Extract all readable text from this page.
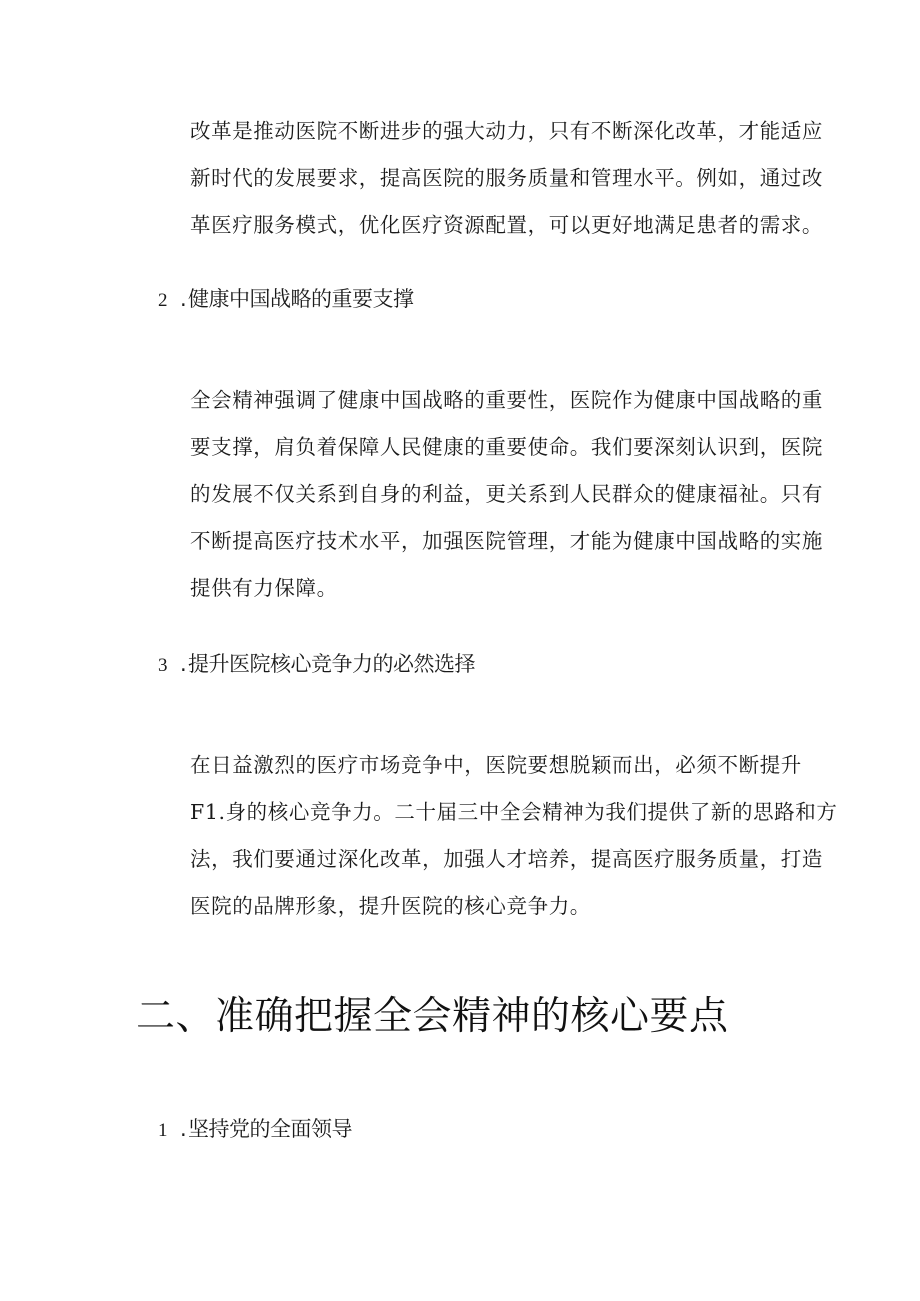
改革是推动医院不断进步的强大动力，只有不断深化改革，才能适应
新时代的发展要求，提高医院的服务质量和管理水平。例如，通过改
革医疗服务模式，优化医疗资源配置，可以更好地满足患者的需求。
2 .健康中国战略的重要支撑
全会精神强调了健康中国战略的重要性，医院作为健康中国战略的重
要支撑，肩负着保障人民健康的重要使命。我们要深刻认识到，医院
的发展不仅关系到自身的利益，更关系到人民群众的健康福祉。只有
不断提高医疗技术水平，加强医院管理，才能为健康中国战略的实施
提供有力保障。
3 .提升医院核心竞争力的必然选择
在日益激烈的医疗市场竞争中，医院要想脱颖而出，必须不断提升
F1.身的核心竞争力。二十届三中全会精神为我们提供了新的思路和方
法，我们要通过深化改革，加强人才培养，提高医疗服务质量，打造
医院的品牌形象，提升医院的核心竞争力。
二、准确把握全会精神的核心要点
1 .坚持党的全面领导
